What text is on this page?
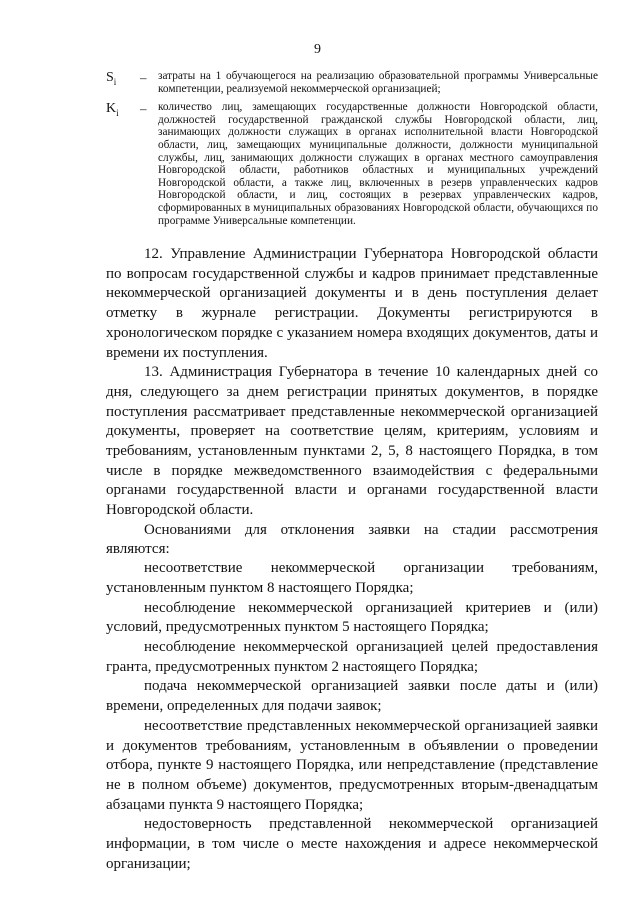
9
$S_i$ – затраты на 1 обучающегося на реализацию образовательной программы Универсальные компетенции, реализуемой некоммерческой организацией;
$K_i$ – количество лиц, замещающих государственные должности Новгородской области, должностей государственной гражданской службы Новгородской области, лиц, занимающих должности служащих в органах исполнительной власти Новгородской области, лиц, замещающих муниципальные должности, должности муниципальной службы, лиц, занимающих должности служащих в органах местного самоуправления Новгородской области, работников областных и муниципальных учреждений Новгородской области, а также лиц, включенных в резерв управленческих кадров Новгородской области, и лиц, состоящих в резервах управленческих кадров, сформированных в муниципальных образованиях Новгородской области, обучающихся по программе Универсальные компетенции.

12. Управление Администрации Губернатора Новгородской области по вопросам государственной службы и кадров принимает представленные некоммерческой организацией документы и в день поступления делает отметку в журнале регистрации. Документы регистрируются в хронологическом порядке с указанием номера входящих документов, даты и времени их поступления.

13. Администрация Губернатора в течение 10 календарных дней со дня, следующего за днем регистрации принятых документов, в порядке поступления рассматривает представленные некоммерческой организацией документы, проверяет на соответствие целям, критериям, условиям и требованиям, установленным пунктами 2, 5, 8 настоящего Порядка, в том числе в порядке межведомственного взаимодействия с федеральными органами государственной власти и органами государственной власти Новгородской области.

Основаниями для отклонения заявки на стадии рассмотрения являются:

несоответствие некоммерческой организации требованиям, установленным пунктом 8 настоящего Порядка;

несоблюдение некоммерческой организацией критериев и (или) условий, предусмотренных пунктом 5 настоящего Порядка;

несоблюдение некоммерческой организацией целей предоставления гранта, предусмотренных пунктом 2 настоящего Порядка;

подача некоммерческой организацией заявки после даты и (или) времени, определенных для подачи заявок;

несоответствие представленных некоммерческой организацией заявки и документов требованиям, установленным в объявлении о проведении отбора, пункте 9 настоящего Порядка, или непредставление (представление не в полном объеме) документов, предусмотренных вторым-двенадцатым абзацами пункта 9 настоящего Порядка;

недостоверность представленной некоммерческой организацией информации, в том числе о месте нахождения и адресе некоммерческой организации;
